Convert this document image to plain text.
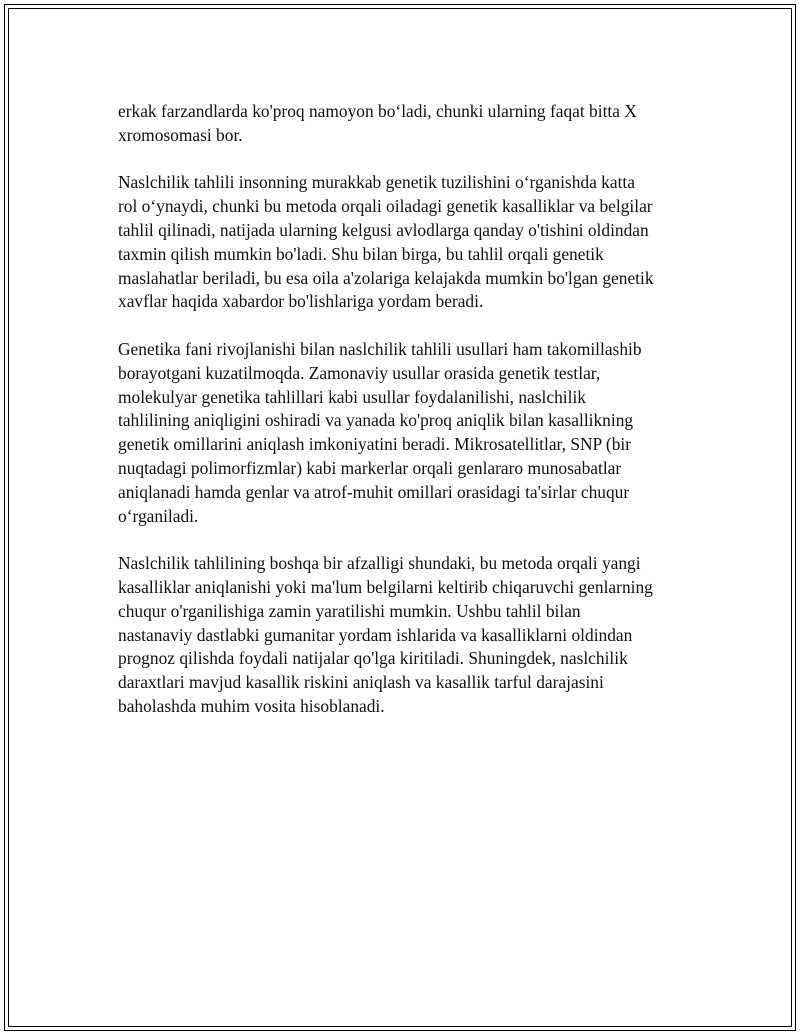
erkak farzandlarda ko'proq namoyon bo‘ladi, chunki ularning faqat bitta X
xromosomasi bor.

Naslchilik tahlili insonning murakkab genetik tuzilishini o‘rganishda katta
rol o‘ynaydi, chunki bu metoda orqali oiladagi genetik kasalliklar va belgilar
tahlil qilinadi, natijada ularning kelgusi avlodlarga qanday o'tishini oldindan
taxmin qilish mumkin bo'ladi. Shu bilan birga, bu tahlil orqali genetik
maslahatlar beriladi, bu esa oila a'zolariga kelajakda mumkin bo'lgan genetik
xavflar haqida xabardor bo'lishlariga yordam beradi.

Genetika fani rivojlanishi bilan naslchilik tahlili usullari ham takomillashib
borayotgani kuzatilmoqda. Zamonaviy usullar orasida genetik testlar,
molekulyar genetika tahlillari kabi usullar foydalanilishi, naslchilik
tahlilining aniqligini oshiradi va yanada ko'proq aniqlik bilan kasallikning
genetik omillarini aniqlash imkoniyatini beradi. Mikrosatellitlar, SNP (bir
nuqtadagi polimorfizmlar) kabi markerlar orqali genlararo munosabatlar
aniqlanadi hamda genlar va atrof-muhit omillari orasidagi ta'sirlar chuqur
o‘rganiladi.

Naslchilik tahlilining boshqa bir afzalligi shundaki, bu metoda orqali yangi
kasalliklar aniqlanishi yoki ma'lum belgilarni keltirib chiqaruvchi genlarning
chuqur o'rganilishiga zamin yaratilishi mumkin. Ushbu tahlil bilan
nastanaviy dastlabki gumanitar yordam ishlarida va kasalliklarni oldindan
prognoz qilishda foydali natijalar qo'lga kiritiladi. Shuningdek, naslchilik
daraxtlari mavjud kasallik riskini aniqlash va kasallik tarful darajasini
baholashda muhim vosita hisoblanadi.
